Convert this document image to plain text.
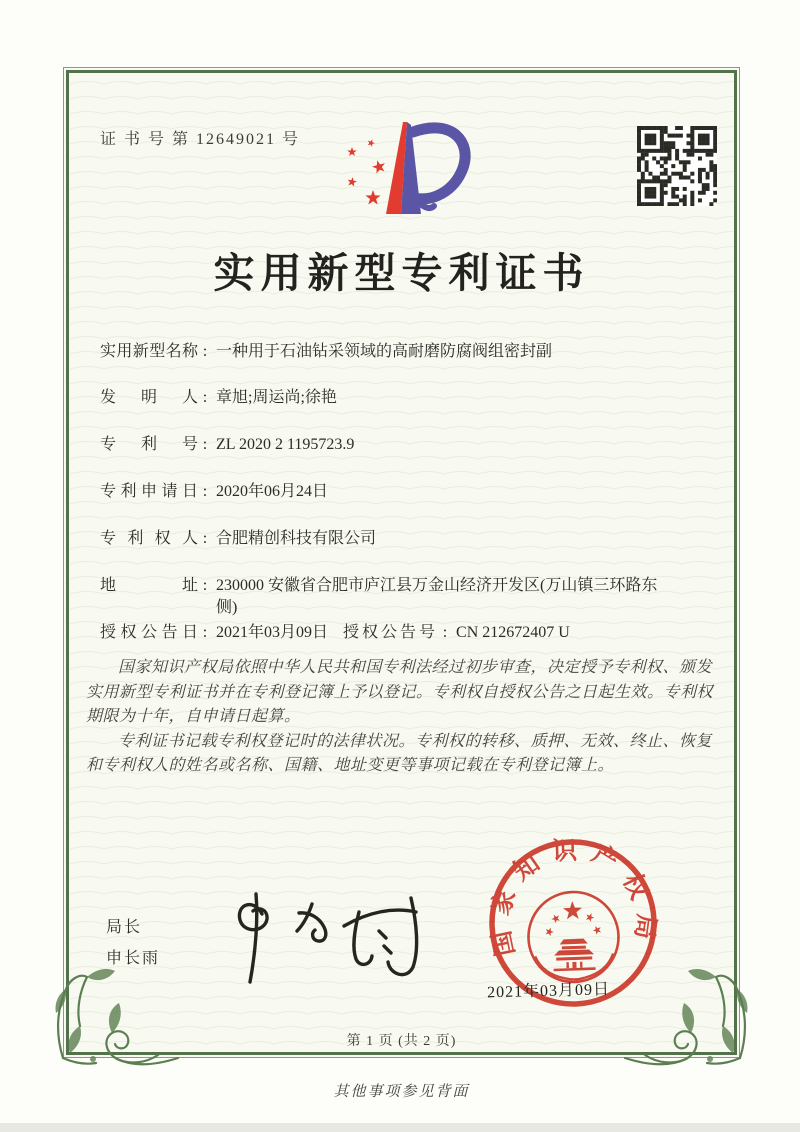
证 书 号 第 12649021 号
实用新型专利证书
实用新型名称 : 一种用于石油钻采领域的高耐磨防腐阀组密封副
发明人 : 章旭;周运尚;徐艳
专利号 : ZL 2020 2 1195723.9
专利申请日 : 2020年06月24日
专利权人 : 合肥精创科技有限公司
地址 : 230000 安徽省合肥市庐江县万金山经济开发区(万山镇三环路东侧)
授权公告日 : 2021年03月09日 授权公告号 : CN 212672407 U

国家知识产权局依照中华人民共和国专利法经过初步审查，决定授予专利权、颁发实用新型专利证书并在专利登记簿上予以登记。专利权自授权公告之日起生效。专利权期限为十年，自申请日起算。

专利证书记载专利权登记时的法律状况。专利权的转移、质押、无效、终止、恢复和专利权人的姓名或名称、国籍、地址变更等事项记载在专利登记簿上。

局长
申长雨
国家知识产权局
2021年03月09日
第 1 页 (共 2 页)
其他事项参见背面
